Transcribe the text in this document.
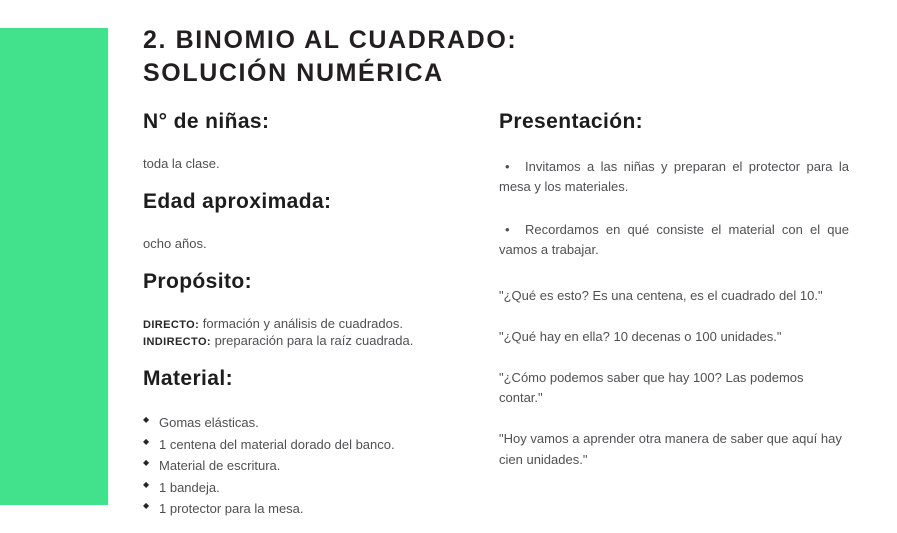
2. BINOMIO AL CUADRADO:
SOLUCIÓN NUMÉRICA
N° de niñas:

toda la clase.

Edad aproximada:

ocho años.

Propósito:

DIRECTO: formación y análisis de cuadrados.

INDIRECTO: preparación para la raíz cuadrada.

Material:
◆ Gomas elásticas.
◆ 1 centena del material dorado del banco.
◆ Material de escritura.
◆ 1 bandeja.
◆ 1 protector para la mesa.
Presentación:

• Invitamos a las niñas y preparan el protector para la mesa y los materiales.

• Recordamos en qué consiste el material con el que vamos a trabajar.

"¿Qué es esto? Es una centena, es el cuadrado del 10."

"¿Qué hay en ella? 10 decenas o 100 unidades."

"¿Cómo podemos saber que hay 100? Las podemos contar."

"Hoy vamos a aprender otra manera de saber que aquí hay cien unidades."
